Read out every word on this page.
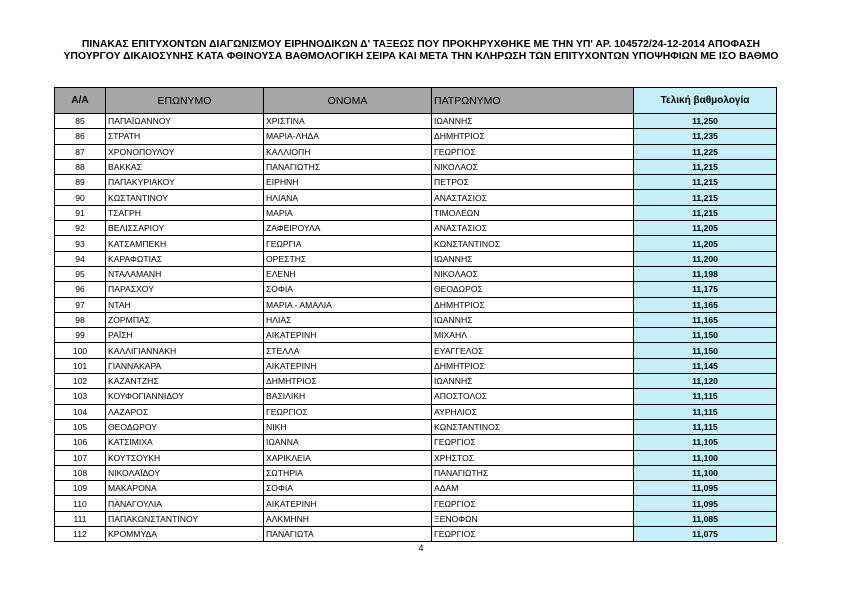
ΠΙΝΑΚΑΣ ΕΠΙΤΥΧΟΝΤΩΝ ΔΙΑΓΩΝΙΣΜΟΥ ΕΙΡΗΝΟΔΙΚΩΝ Δ' ΤΑΞΕΩΣ ΠΟΥ ΠΡΟΚΗΡΥΧΘΗΚΕ ΜΕ ΤΗΝ ΥΠ' ΑΡ. 104572/24-12-2014 ΑΠΟΦΑΣΗ
ΥΠΟΥΡΓΟΥ ΔΙΚΑΙΟΣΥΝΗΣ ΚΑΤΑ ΦΘΙΝΟΥΣΑ ΒΑΘΜΟΛΟΓΙΚΗ ΣΕΙΡΑ ΚΑΙ ΜΕΤΑ ΤΗΝ ΚΛΗΡΩΣΗ ΤΩΝ ΕΠΙΤΥΧΟΝΤΩΝ ΥΠΟΨΗΦΙΩΝ ΜΕ ΙΣΟ ΒΑΘΜΟ
Α/Α	ΕΠΩΝΥΜΟ	ΟΝΟΜΑ	ΠΑΤΡΩΝΥΜΟ	Τελική βαθμολογία
85	ΠΑΠΑΪΩΑΝΝΟΥ	ΧΡΙΣΤΙΝΑ	ΙΩΑΝΝΗΣ	11,250
86	ΣΤΡΑΤΗ	ΜΑΡΙΑ-ΛΗΔΑ	ΔΗΜΗΤΡΙΟΣ	11,235
87	ΧΡΟΝΟΠΟΥΛΟΥ	ΚΑΛΛΙΟΠΗ	ΓΕΩΡΓΙΟΣ	11,225
88	ΒΑΚΚΑΣ	ΠΑΝΑΓΙΩΤΗΣ	ΝΙΚΟΛΑΟΣ	11,215
89	ΠΑΠΑΚΥΡΙΑΚΟΥ	ΕΙΡΗΝΗ	ΠΕΤΡΟΣ	11,215
90	ΚΩΣΤΑΝΤΙΝΟΥ	ΗΛΙΑΝΑ	ΑΝΑΣΤΑΣΙΟΣ	11,215
91	ΤΣΑΓΡΗ	ΜΑΡΙΑ	ΤΙΜΟΛΕΩΝ	11,215
92	ΒΕΛΙΣΣΑΡΙΟΥ	ΖΑΦΕΙΡΟΥΛΑ	ΑΝΑΣΤΑΣΙΟΣ	11,205
93	ΚΑΤΣΑΜΠΕΚΗ	ΓΕΩΡΓΙΑ	ΚΩΝΣΤΑΝΤΙΝΟΣ	11,205
94	ΚΑΡΑΦΩΤΙΑΣ	ΟΡΕΣΤΗΣ	ΙΩΑΝΝΗΣ	11,200
95	ΝΤΑΛΑΜΑΝΗ	ΕΛΕΝΗ	ΝΙΚΟΛΑΟΣ	11,198
96	ΠΑΡΑΣΧΟΥ	ΣΟΦΙΑ	ΘΕΟΔΩΡΟΣ	11,175
97	ΝΤΑΗ	ΜΑΡΙΑ - ΑΜΑΛΙΑ	ΔΗΜΗΤΡΙΟΣ	11,165
98	ΖΟΡΜΠΑΣ	ΗΛΙΑΣ	ΙΩΑΝΝΗΣ	11,165
99	ΡΑΪΣΗ	ΑΙΚΑΤΕΡΙΝΗ	ΜΙΧΑΗΛ	11,150
100	ΚΑΛΛΙΓΙΑΝΝΑΚΗ	ΣΤΕΛΛΑ	ΕΥΑΓΓΕΛΟΣ	11,150
101	ΓΙΑΝΝΑΚΑΡΑ	ΑΙΚΑΤΕΡΙΝΗ	ΔΗΜΗΤΡΙΟΣ	11,145
102	ΚΑΖΑΝΤΖΗΣ	ΔΗΜΗΤΡΙΟΣ	ΙΩΑΝΝΗΣ	11,120
103	ΚΟΥΦΟΓΙΑΝΝΙΔΟΥ	ΒΑΣΙΛΙΚΗ	ΑΠΟΣΤΟΛΟΣ	11,115
104	ΛΑΖΑΡΟΣ	ΓΕΩΡΓΙΟΣ	ΑΥΡΗΛΙΟΣ	11,115
105	ΘΕΟΔΩΡΟΥ	ΝΙΚΗ	ΚΩΝΣΤΑΝΤΙΝΟΣ	11,115
106	ΚΑΤΣΙΜΙΧΑ	ΙΩΑΝΝΑ	ΓΕΩΡΓΙΟΣ	11,105
107	ΚΟΥΤΣΟΥΚΗ	ΧΑΡΙΚΛΕΙΑ	ΧΡΗΣΤΟΣ	11,100
108	ΝΙΚΟΛΑΪΔΟΥ	ΣΩΤΗΡΙΑ	ΠΑΝΑΓΙΩΤΗΣ	11,100
109	ΜΑΚΑΡΟΝΑ	ΣΟΦΙΑ	ΑΔΑΜ	11,095
110	ΠΑΝΑΓΟΥΛΙΑ	ΑΙΚΑΤΕΡΙΝΗ	ΓΕΩΡΓΙΟΣ	11,095
111	ΠΑΠΑΚΩΝΣΤΑΝΤΙΝΟΥ	ΑΛΚΜΗΝΗ	ΞΕΝΟΦΩΝ	11,085
112	ΚΡΟΜΜΥΔΑ	ΠΑΝΑΓΙΩΤΑ	ΓΕΩΡΓΙΟΣ	11,075
4
